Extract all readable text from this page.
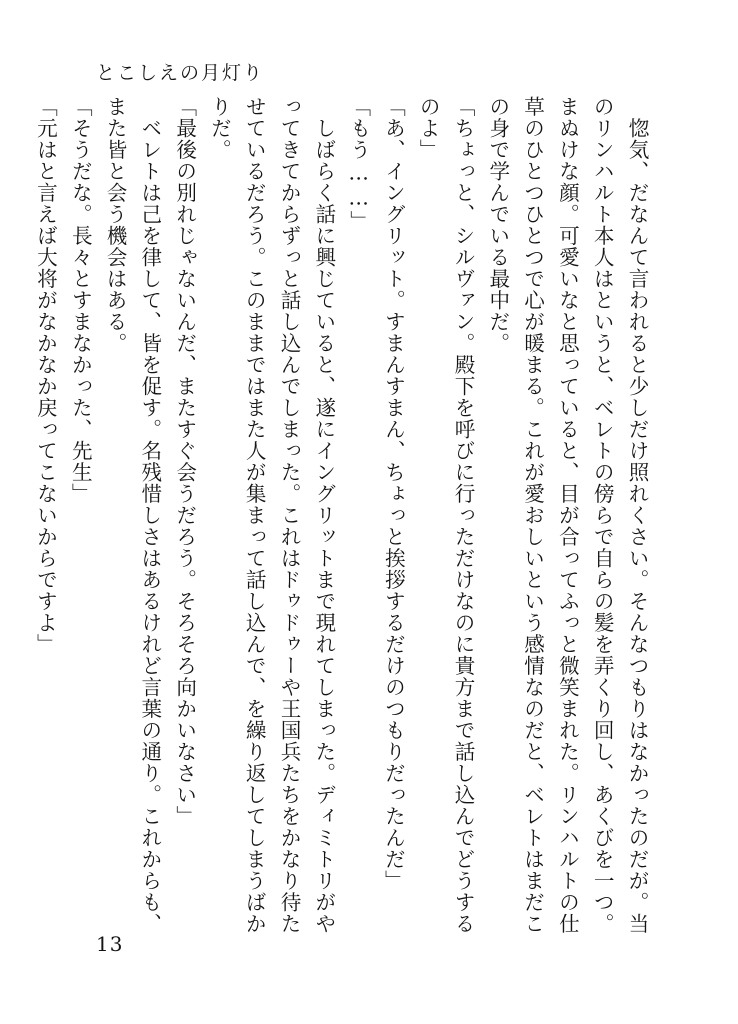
とこしえの月灯り

　惚気、だなんて言われると少しだけ照れくさい。そんなつもりはなかったのだが。当のリンハルト本人はというと、ベレトの傍らで自らの髪を弄くり回し、あくびを一つ。まぬけな顔。可愛いなと思っていると、目が合ってふっと微笑まれた。リンハルトの仕草のひとつひとつで心が暖まる。これが愛おしいという感情なのだと、ベレトはまだこの身で学んでいる最中だ。

「ちょっと、シルヴァン。殿下を呼びに行っただけなのに貴方まで話し込んでどうするのよ」

「あ、イングリット。すまんすまん、ちょっと挨拶するだけのつもりだったんだ」

「もう……」

　しばらく話に興じていると、遂にイングリットまで現れてしまった。ディミトリがやってきてからずっと話し込んでしまった。これはドゥドゥーや王国兵たちをかなり待たせているだろう。このままではまた人が集まって話し込んで、を繰り返してしまうばかりだ。

「最後の別れじゃないんだ、またすぐ会うだろう。そろそろ向かいなさい」

　ベレトは己を律して、皆を促す。名残惜しさはあるけれど言葉の通り。これからも、また皆と会う機会はある。

「そうだな。長々とすまなかった、先生」

「元はと言えば大将がなかなか戻ってこないからですよ」

13
